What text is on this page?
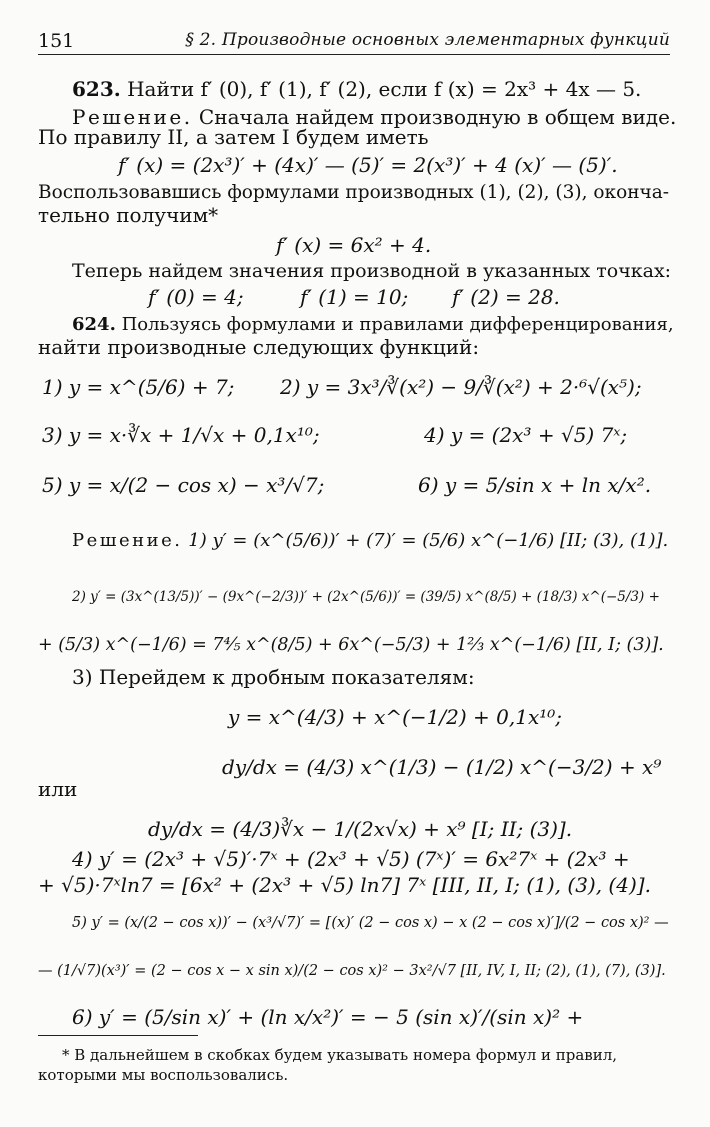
151	§ 2. Производные основных элементарных функций
623. Найти f′ (0), f′ (1), f′ (2), если f (x) = 2x³ + 4x — 5.
Решение. Сначала найдем производную в общем виде.
По правилу II, а затем I будем иметь
f′ (x) = (2x³)′ + (4x)′ — (5)′ = 2(x³)′ + 4 (x)′ — (5)′.
Воспользовавшись формулами производных (1), (2), (3), оконча-
тельно получим*
f′ (x) = 6x² + 4.
Теперь найдем значения производной в указанных точках:
f′ (0) = 4;	f′ (1) = 10; f′ (2) = 28.
624. Пользуясь формулами и правилами дифференцирования,
найти производные следующих функций:
1) y = x^(5/6) + 7; 2) y = 3x³/∛(x²) − 9/∛(x²) + 2·⁶√(x⁵);
3) y = x·∛x + 1/√x + 0,1x¹⁰;	4) y = (2x³ + √5) 7ˣ;
5) y = x/(2 − cos x) − x³/√7;	6) y = 5/sin x + ln x/x².
Решение. 1) y′ = (x^(5/6))′ + (7)′ = (5/6) x^(−1/6) [II; (3), (1)].
2) y′ = (3x^(13/5))′ − (9x^(−2/3))′ + (2x^(5/6))′ = (39/5) x^(8/5) + (18/3) x^(−5/3) +
+ (5/3) x^(−1/6) = 7⅘ x^(8/5) + 6x^(−5/3) + 1⅔ x^(−1/6) [II, I; (3)].
3) Перейдем к дробным показателям:
y = x^(4/3) + x^(−1/2) + 0,1x¹⁰;
dy/dx = (4/3) x^(1/3) − (1/2) x^(−3/2) + x⁹
или
dy/dx = (4/3)∛x − 1/(2x√x) + x⁹ [I; II; (3)].
4) y′ = (2x³ + √5)′·7ˣ + (2x³ + √5) (7ˣ)′ = 6x²7ˣ + (2x³ +
+ √5)·7ˣln7 = [6x² + (2x³ + √5) ln7] 7ˣ [III, II, I; (1), (3), (4)].
5) y′ = (x/(2 − cos x))′ − (x³/√7)′ = [(x)′ (2 − cos x) − x (2 − cos x)′]/(2 − cos x)² —
— (1/√7)(x³)′ = (2 − cos x − x sin x)/(2 − cos x)² − 3x²/√7 [II, IV, I, II; (2), (1), (7), (3)].
6) y′ = (5/sin x)′ + (ln x/x²)′ = − 5 (sin x)′/(sin x)² +
* В дальнейшем в скобках будем указывать номера формул и правил,
которыми мы воспользовались.
